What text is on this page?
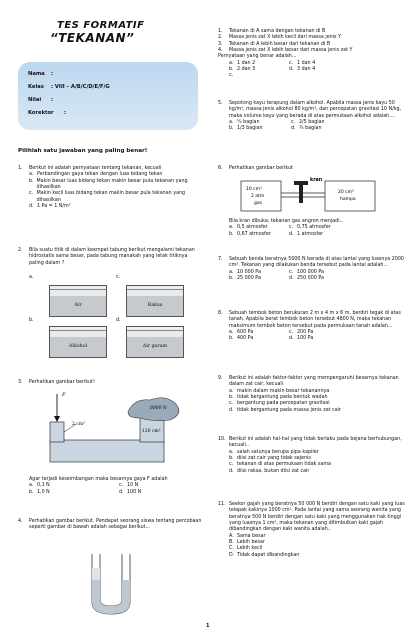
TES FORMATIF
“TEKANAN”
Nama	:
Kelas	: VIII – A/B/C/D/E/F/G
Nilai	:
Korektor	:
Pilihlah satu jawaban yang paling benar!
1. Berikut ini adalah pernyataan tentang tekanan, kecuali
a. Perbandingan gaya tekan dengan luas bidang tekan
b. Makin besar luas bidang tekan makin besar pula tekanan yang dihasilkan
c. Makin kecil luas bidang tekan makin besar pula tekanan yang dihasilkan
d. 1 Pa = 1 N/m²
2. Bila suatu titik di dalam keempat tabung berikut mengalami tekanan hidrostatis sama besar, pada tabung manakah yang letak titiknya paling dalam ?
a.	c.
b.	d.
Air	Raksa
Alkohol	Air garam
3. Perhatikan gambar berikut!
F
2 cm²
120 cm²
6000 N
Agar terjadi keseimbangan maka besarnya gaya F adalah
a. 0,1 N	c. 10 N
b. 1,0 N	d. 100 N
4. Perhatikan gambar berikut. Pendapat seorang siswa tentang percobaan seperti gambar di bawah adalah sebagai berikut...
1.	Tekanan di A sama dengan tekanan di B
2.	Massa jenis zat X lebih kecil dari massa jenis Y
3.	Tekanan di A lebih besar dari tekanan di B
4.	Massa jenis zat X lebih besar dari massa jenis zat Y
Pernyataan yang benar adalah...
a. 1 dan 2	c. 1 dan 4
b. 2 dan 3	d. 3 dan 4
c.
5. Sepotong kayu terapung dalam alkohol. Apabila massa jenis kayu 50 kg/m³, massa jenis alkohol 80 kg/m³, dan percepatan gravitasi 10 N/kg, maka volume kayu yang berada di atas permukaan alkohol adalah....
a. ¼ bagian	c. 2/5 bagian
b. 1/3 bagian	d. ¾ bagian
6. Perhatikan gambar berikut
10 cm³
2 atm
gas
kran
20 cm³
hampa
Bila kran dibuka, tekanan gas angron menjadi..
a. 0,5 atmosfer	c. 0,75 atmosfer
b. 0,67 atmosfer	d. 1 atmosfer
7. Sebuah benda beratnya 5000 N berada di atas lantai yang luasnya 2000 cm². Tekanan yang dilakukan benda tersebut pada lantai adalah...
a. 10 000 Pa	c. 100 000 Pa
b. 25 000 Pa	d. 250 000 Pa
8. Sebuah tembok beton berukuran 2 m x 4 m x 6 m, berdiri tegak di atas tanah. Apabila berat tembok beton tersebut 4800 N, maka tekanan maksimum tembok beton tersebut pada permukaan tanah adalah...
a. 600 Pa	c. 200 Pa
b. 400 Pa	d. 100 Pa
9. Berikut ini adalah faktor-faktor yang mempengaruhi besarnya tekanan dalam zat cair, kecuali
a. makin dalam makin besar tekanannya
b. tidak bergantung pada bentuk wadah
c. bergantung pada percepatan gravitasi
d. tidak bergantung pada massa jenis zat cair
10. Berikut ini adalah hal-hal yang tidak berlaku pada bejana berhubungan, kecuali..
a. salah satunya berupa pipa kapiler
b. diisi zat cair yang tidak sejenis
c. tekanan di atas permukaan tidak sama
d. diisi raksa, bukan diisi zat cair
11. Seekor gajah yang beratnya 50 000 N berdiri dengan satu kaki yang luas telapak kakinya 1000 cm². Pada lantai yang sama seorang wanita yang beratnya 500 N berdiri dengan satu kaki yang menggunakan hak tinggi yang luasnya 1 cm², maka tekanan yang ditimbulkan kaki gajah dibandingkan dengan kaki wanita adalah..
A. Sama besar
B. Lebih besar
C. Lebih kecil
D. Tidak dapat dibandingkan
1
